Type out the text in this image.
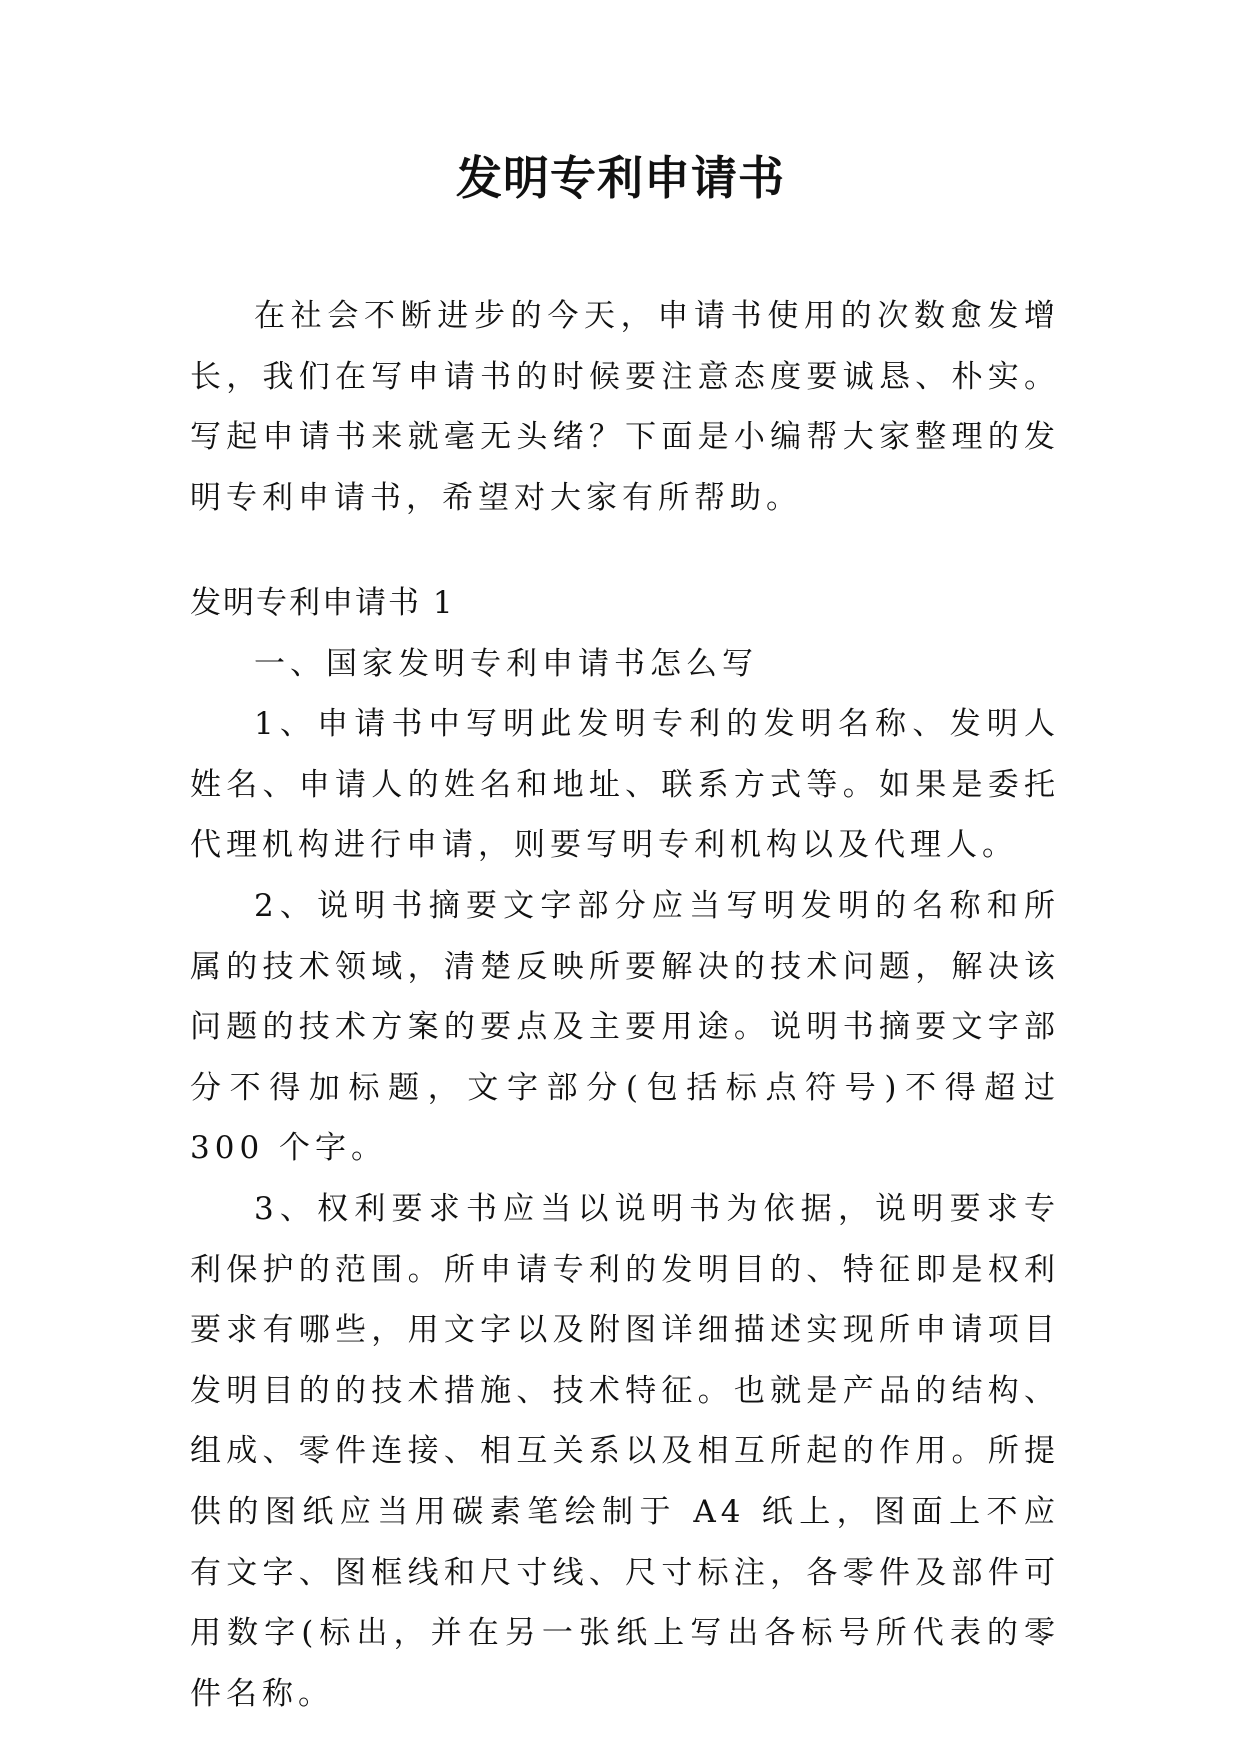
发明专利申请书

在社会不断进步的今天，申请书使用的次数愈发增长，我们在写申请书的时候要注意态度要诚恳、朴实。写起申请书来就毫无头绪？下面是小编帮大家整理的发明专利申请书，希望对大家有所帮助。

发明专利申请书 1

一、国家发明专利申请书怎么写

1、申请书中写明此发明专利的发明名称、发明人姓名、申请人的姓名和地址、联系方式等。如果是委托代理机构进行申请，则要写明专利机构以及代理人。

2、说明书摘要文字部分应当写明发明的名称和所属的技术领域，清楚反映所要解决的技术问题，解决该问题的技术方案的要点及主要用途。说明书摘要文字部分不得加标题，文字部分(包括标点符号)不得超过 300 个字。

3、权利要求书应当以说明书为依据，说明要求专利保护的范围。所申请专利的发明目的、特征即是权利要求有哪些，用文字以及附图详细描述实现所申请项目发明目的的技术措施、技术特征。也就是产品的结构、组成、零件连接、相互关系以及相互所起的作用。所提供的图纸应当用碳素笔绘制于 A4 纸上，图面上不应有文字、图框线和尺寸线、尺寸标注，各零件及部件可用数字(标出，并在另一张纸上写出各标号所代表的零件名称。
